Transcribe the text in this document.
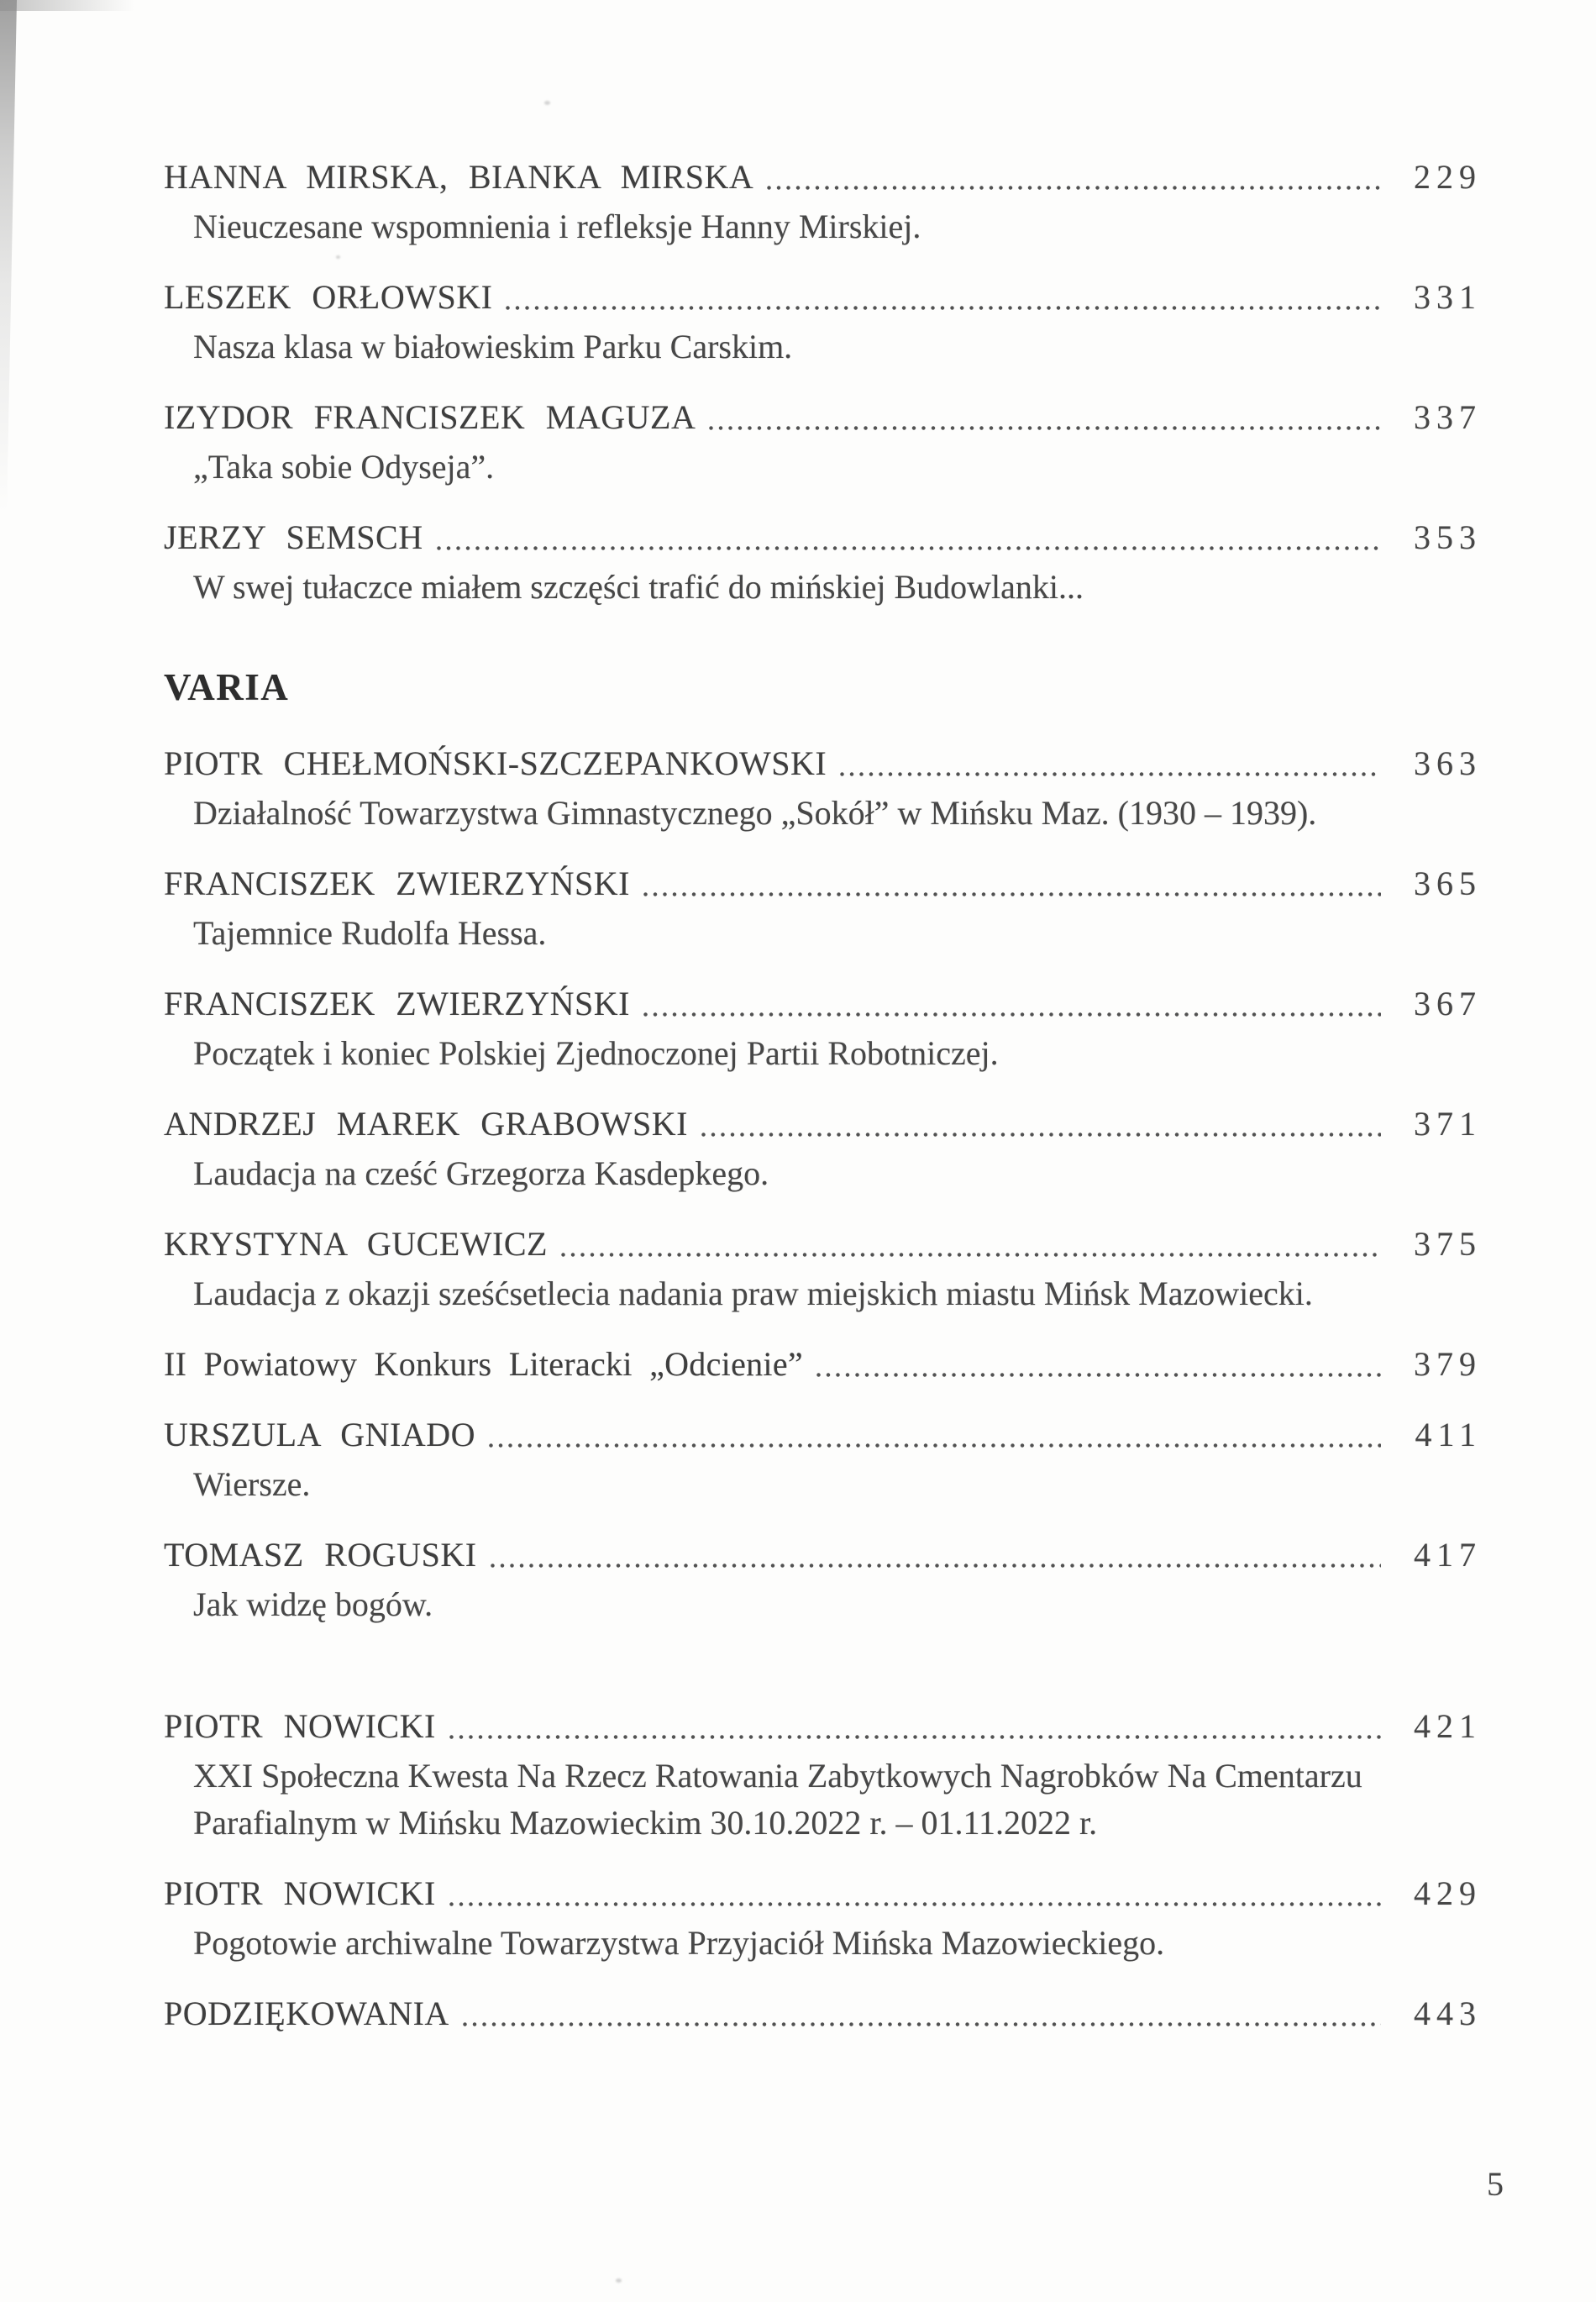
HANNA MIRSKA, BIANKA MIRSKA	229
Nieuczesane wspomnienia i refleksje Hanny Mirskiej.
LESZEK ORŁOWSKI	331
Nasza klasa w białowieskim Parku Carskim.
IZYDOR FRANCISZEK MAGUZA	337
„Taka sobie Odyseja”.
JERZY SEMSCH	353
W swej tułaczce miałem szczęści trafić do mińskiej Budowlanki...
VARIA
PIOTR CHEŁMOŃSKI-SZCZEPANKOWSKI	363
Działalność Towarzystwa Gimnastycznego „Sokół” w Mińsku Maz. (1930 – 1939).
FRANCISZEK ZWIERZYŃSKI	365
Tajemnice Rudolfa Hessa.
FRANCISZEK ZWIERZYŃSKI	367
Początek i koniec Polskiej Zjednoczonej Partii Robotniczej.
ANDRZEJ MAREK GRABOWSKI	371
Laudacja na cześć Grzegorza Kasdepkego.
KRYSTYNA GUCEWICZ	375
Laudacja z okazji sześćsetlecia nadania praw miejskich miastu Mińsk Mazowiecki.
II Powiatowy Konkurs Literacki „Odcienie”	379
URSZULA GNIADO	411
Wiersze.
TOMASZ ROGUSKI	417
Jak widzę bogów.
PIOTR NOWICKI	421
XXI Społeczna Kwesta Na Rzecz Ratowania Zabytkowych Nagrobków Na Cmentarzu
Parafialnym w Mińsku Mazowieckim 30.10.2022 r. – 01.11.2022 r.
PIOTR NOWICKI	429
Pogotowie archiwalne Towarzystwa Przyjaciół Mińska Mazowieckiego.
PODZIĘKOWANIA	443
5
